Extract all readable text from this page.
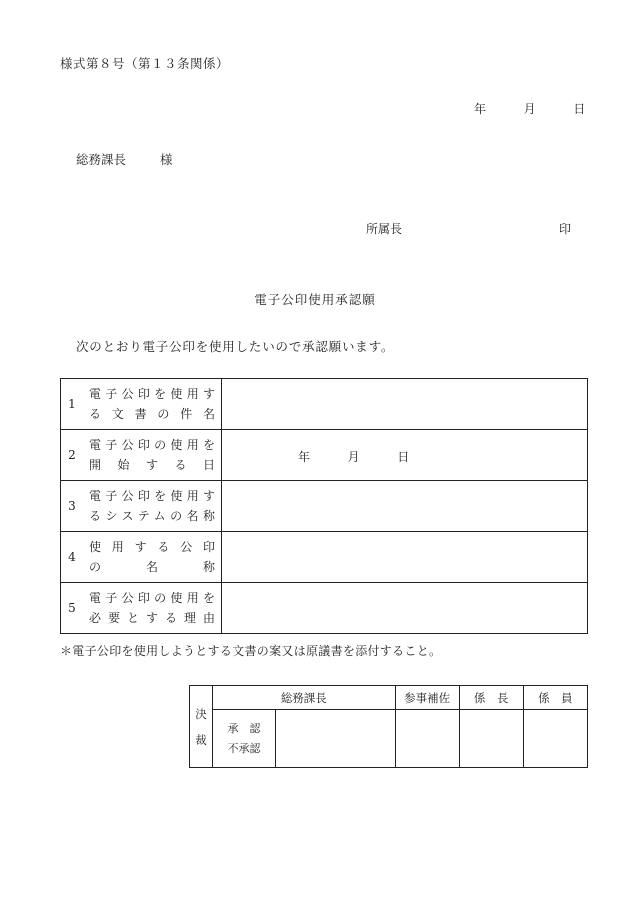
様式第８号（第１３条関係）
年	月	日
総務課長	様
所属長	印
電子公印使用承認願
次のとおり電子公印を使用したいので承認願います。
1	電子公印を使用す
る文書の件名	

2	電子公印の使用を
開始する日	年 月 日

3	電子公印を使用す
るシステムの名称	

4	使用する公印
の名称	

5	電子公印の使用を
必要とする理由	

＊電子公印を使用しようとする文書の案又は原議書を添付すること。
決
裁	総務課長		参事補佐	係　長	係　員

	承　認
不承認				
